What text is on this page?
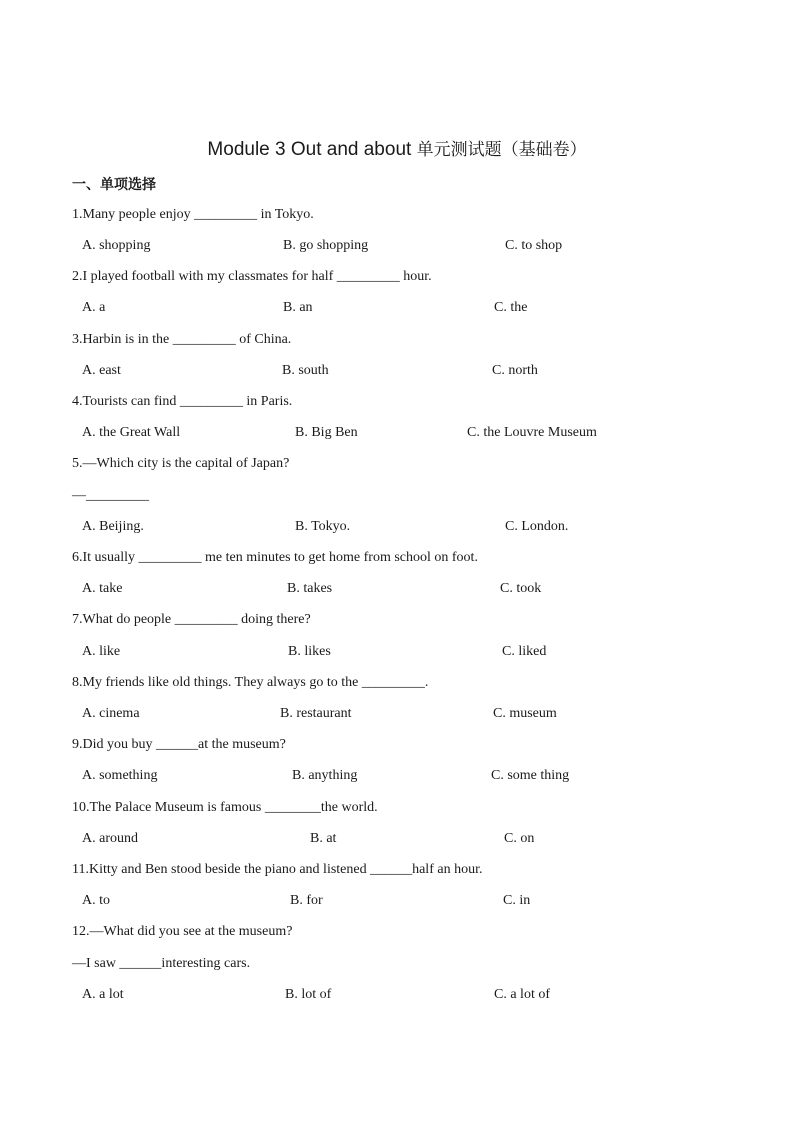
Module 3 Out and about 单元测试题（基础卷）
一、单项选择
1.Many people enjoy _________ in Tokyo.
A. shopping	B. go shopping	C. to shop
2.I played football with my classmates for half _________ hour.
A. a	B. an	C. the
3.Harbin is in the _________ of China.
A. east	B. south	C. north
4.Tourists can find _________ in Paris.
A. the Great Wall	B. Big Ben	C. the Louvre Museum
5.—Which city is the capital of Japan?
—_________
A. Beijing.	B. Tokyo.	C. London.
6.It usually _________ me ten minutes to get home from school on foot.
A. take	B. takes	C. took
7.What do people _________ doing there?
A. like	B. likes	C. liked
8.My friends like old things. They always go to the _________.
A. cinema	B. restaurant	C. museum
9.Did you buy ______at the museum?
A. something	B. anything	C. some thing
10.The Palace Museum is famous ________the world.
A. around	B. at	C. on
11.Kitty and Ben stood beside the piano and listened ______half an hour.
A. to	B. for	C. in
12.—What did you see at the museum?
—I saw ______interesting cars.
A. a lot	B. lot of	C. a lot of
